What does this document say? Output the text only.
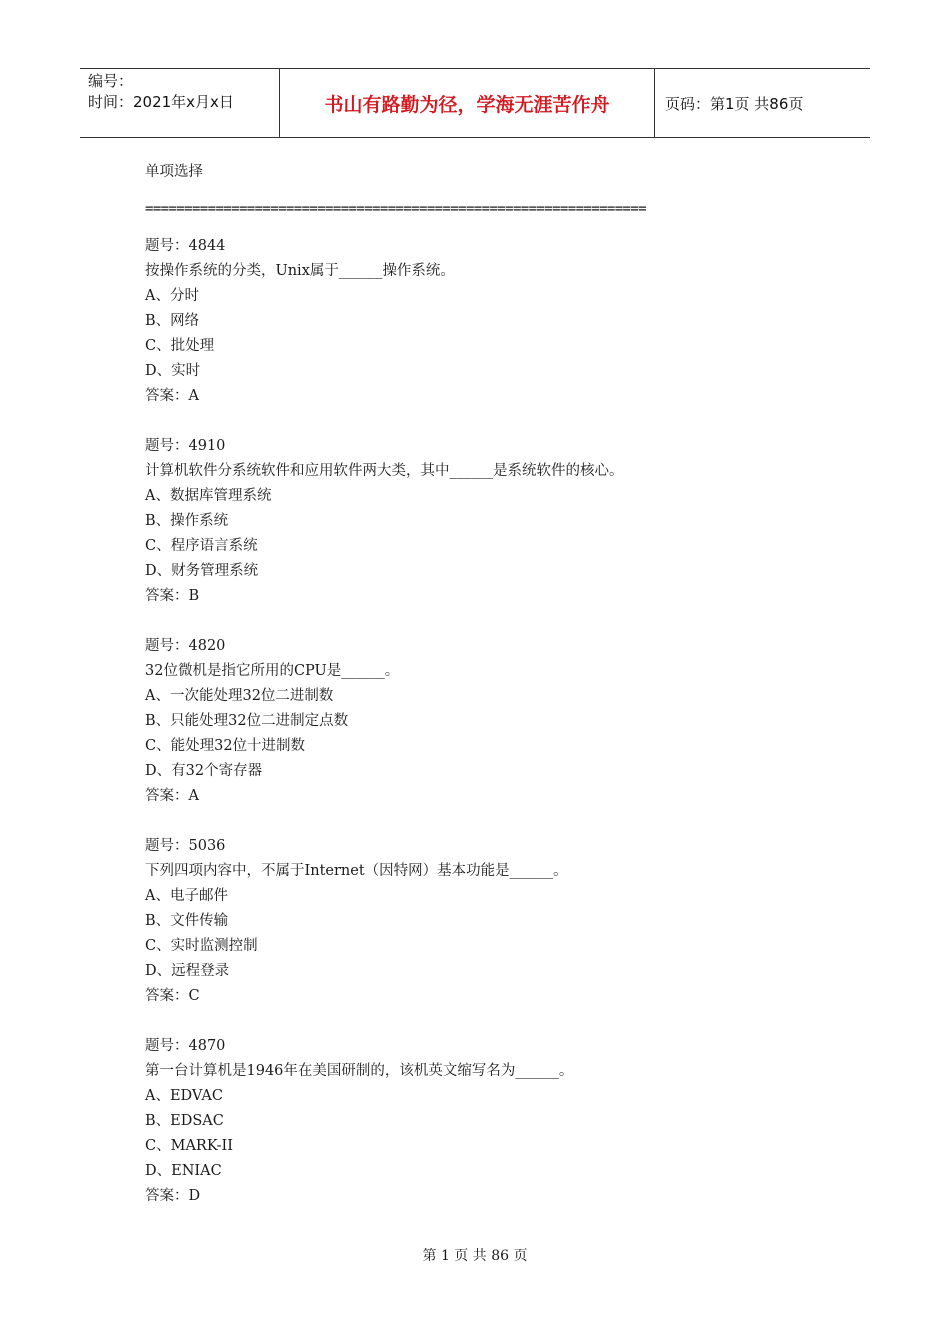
编号：
时间：2021年x月x日	书山有路勤为径，学海无涯苦作舟	页码：第1页 共86页
单项选择
================================================================
题号：4844
按操作系统的分类，Unix属于______操作系统。
A、分时
B、网络
C、批处理
D、实时
答案：A
题号：4910
计算机软件分系统软件和应用软件两大类，其中______是系统软件的核心。
A、数据库管理系统
B、操作系统
C、程序语言系统
D、财务管理系统
答案：B
题号：4820
32位微机是指它所用的CPU是______。
A、一次能处理32位二进制数
B、只能处理32位二进制定点数
C、能处理32位十进制数
D、有32个寄存器
答案：A
题号：5036
下列四项内容中，不属于Internet（因特网）基本功能是______。
A、电子邮件
B、文件传输
C、实时监测控制
D、远程登录
答案：C
题号：4870
第一台计算机是1946年在美国研制的，该机英文缩写名为______。
A、EDVAC
B、EDSAC
C、MARK-II
D、ENIAC
答案：D
第 1 页 共 86 页
